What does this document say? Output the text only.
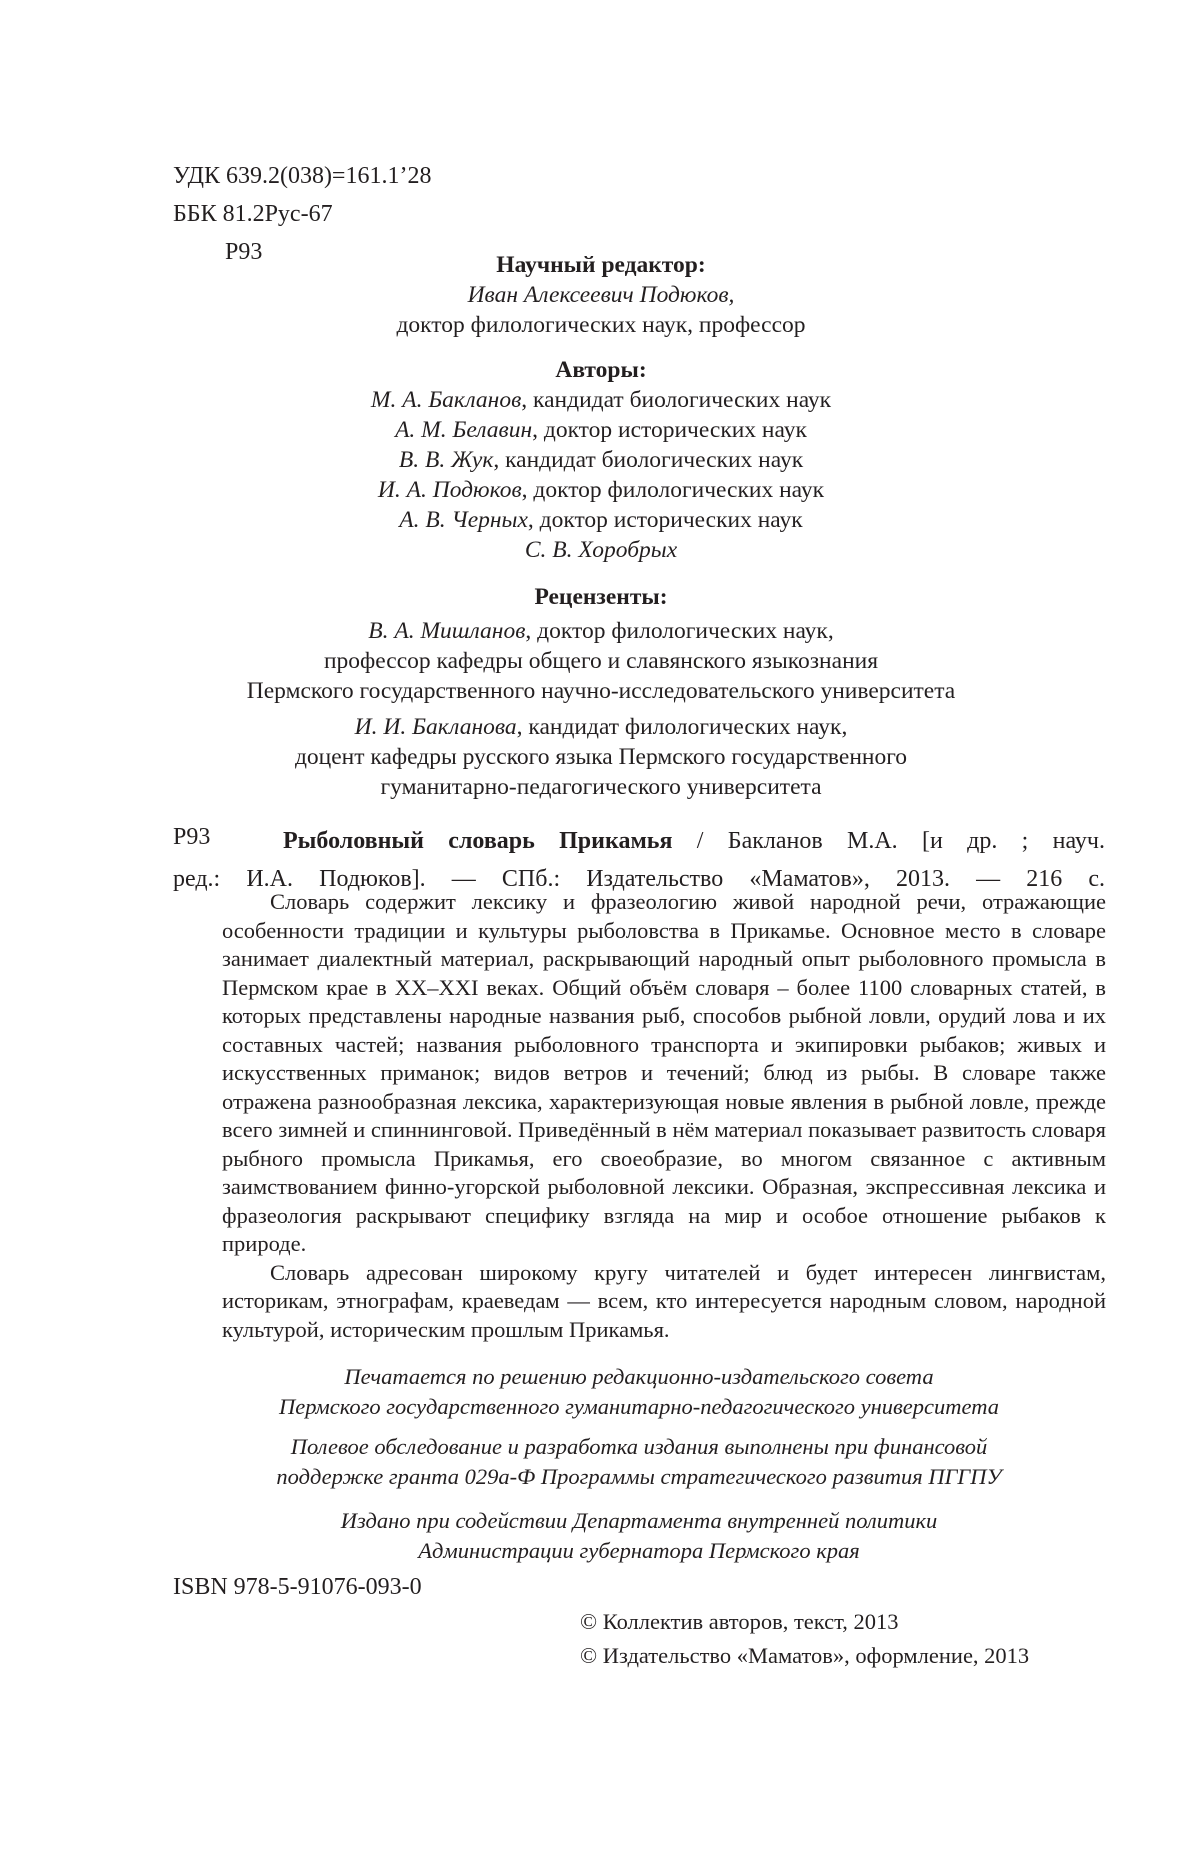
УДК 639.2(038)=161.1’28
ББК 81.2Рус-67
Р93	Научный редактор:
Иван Алексеевич Подюков,
доктор филологических наук, профессор
Авторы:
М. А. Бакланов, кандидат биологических наук
А. М. Белавин, доктор исторических наук
В. В. Жук, кандидат биологических наук
И. А. Подюков, доктор филологических наук
А. В. Черных, доктор исторических наук
С. В. Хоробрых
Рецензенты:
В. А. Мишланов, доктор филологических наук,
профессор кафедры общего и славянского языкознания
Пермского государственного научно-исследовательского университета
И. И. Бакланова, кандидат филологических наук,
доцент кафедры русского языка Пермского государственного
гуманитарно-педагогического университета
Р93	Рыболовный словарь Прикамья / Бакланов М.А. [и др. ; науч.
ред.: И.А. Подюков]. — СПб.: Издательство «Маматов», 2013. — 216 с.

Словарь содержит лексику и фразеологию живой народной речи, отражающие особенности традиции и культуры рыболовства в Прикамье. Основное место в словаре занимает диалектный материал, раскрывающий народный опыт рыболовного промысла в Пермском крае в XX–XXI веках. Общий объём словаря – более 1100 словарных статей, в которых представлены народные названия рыб, способов рыбной ловли, орудий лова и их составных частей; названия рыболовного транспорта и экипировки рыбаков; живых и искусственных приманок; видов ветров и течений; блюд из рыбы. В словаре также отражена разнообразная лексика, характеризующая новые явления в рыбной ловле, прежде всего зимней и спиннинговой. Приведённый в нём материал показывает развитость словаря рыбного промысла Прикамья, его своеобразие, во многом связанное с активным заимствованием финно-угорской рыболовной лексики. Образная, экспрессивная лексика и фразеология раскрывают специфику взгляда на мир и особое отношение рыбаков к природе.

Словарь адресован широкому кругу читателей и будет интересен лингвистам, историкам, этнографам, краеведам — всем, кто интересуется народным словом, народной культурой, историческим прошлым Прикамья.

Печатается по решению редакционно-издательского совета
Пермского государственного гуманитарно-педагогического университета
Полевое обследование и разработка издания выполнены при финансовой
поддержке гранта 029а-Ф Программы стратегического развития ПГГПУ
Издано при содействии Департамента внутренней политики
Администрации губернатора Пермского края
ISBN 978-5-91076-093-0
© Коллектив авторов, текст, 2013
© Издательство «Маматов», оформление, 2013
